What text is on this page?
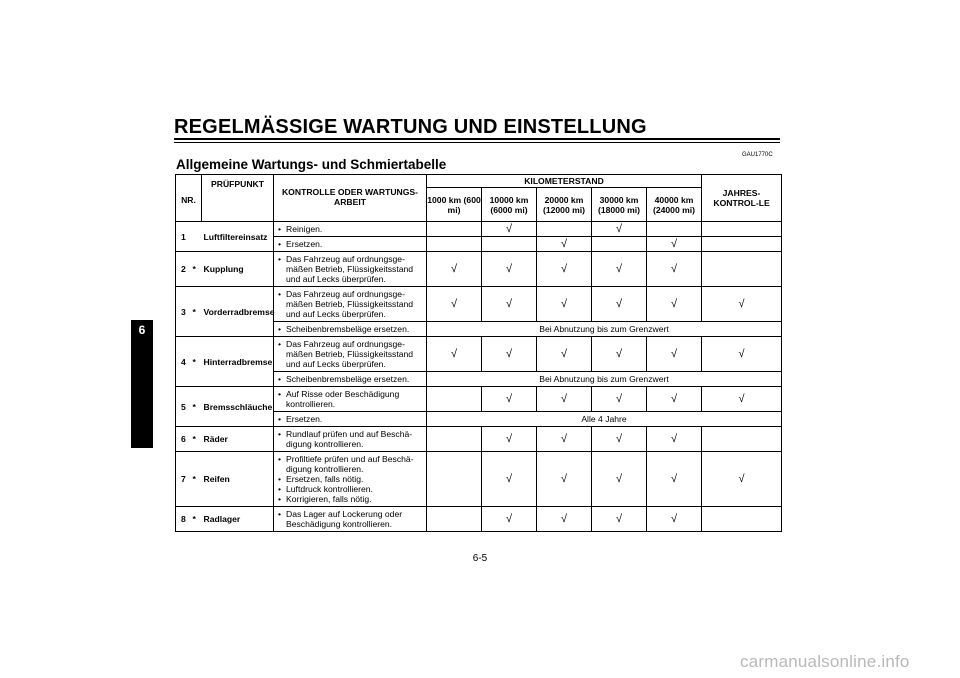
REGELMÄSSIGE WARTUNG UND EINSTELLUNG
GAU1770C
Allgemeine Wartungs- und Schmiertabelle
6
NR.		PRÜFPUNKT	KONTROLLE ODER WARTUNGS-ARBEIT	KILOMETERSTAND					JAHRES-KONTROL-LE
				1000 km (600 mi)	10000 km (6000 mi)	20000 km (12000 mi)	30000 km (18000 mi)	40000 km (24000 mi)	
1		Luftfiltereinsatz	• Reinigen.		√		√		

			• Ersetzen.			√		√	
2	*	Kupplung	• Das Fahrzeug auf ordnungsge-
mäßen Betrieb, Flüssigkeitsstand
und auf Lecks überprüfen.	√	√	√	√	√	
3	*	Vorderradbremse	• Das Fahrzeug auf ordnungsge-
mäßen Betrieb, Flüssigkeitsstand
und auf Lecks überprüfen.	√	√	√	√	√	√

			• Scheibenbremsbeläge ersetzen.	Bei Abnutzung bis zum Grenzwert					
4	*	Hinterradbremse	• Das Fahrzeug auf ordnungsge-
mäßen Betrieb, Flüssigkeitsstand
und auf Lecks überprüfen.	√	√	√	√	√	√

			• Scheibenbremsbeläge ersetzen.	Bei Abnutzung bis zum Grenzwert					
5	*	Bremsschläuche	• Auf Risse oder Beschädigung
kontrollieren.		√	√	√	√	√

			• Ersetzen.	Alle 4 Jahre					
6	*	Räder	• Rundlauf prüfen und auf Beschä-
digung kontrollieren.		√	√	√	√	
7	*	Reifen	• Profiltiefe prüfen und auf Beschä-
digung kontrollieren.
• Ersetzen, falls nötig.
• Luftdruck kontrollieren.
• Korrigieren, falls nötig.		√	√	√	√	√
8	*	Radlager	• Das Lager auf Lockerung oder
Beschädigung kontrollieren.		√	√	√	√	
6-5
carmanualsonline.info
